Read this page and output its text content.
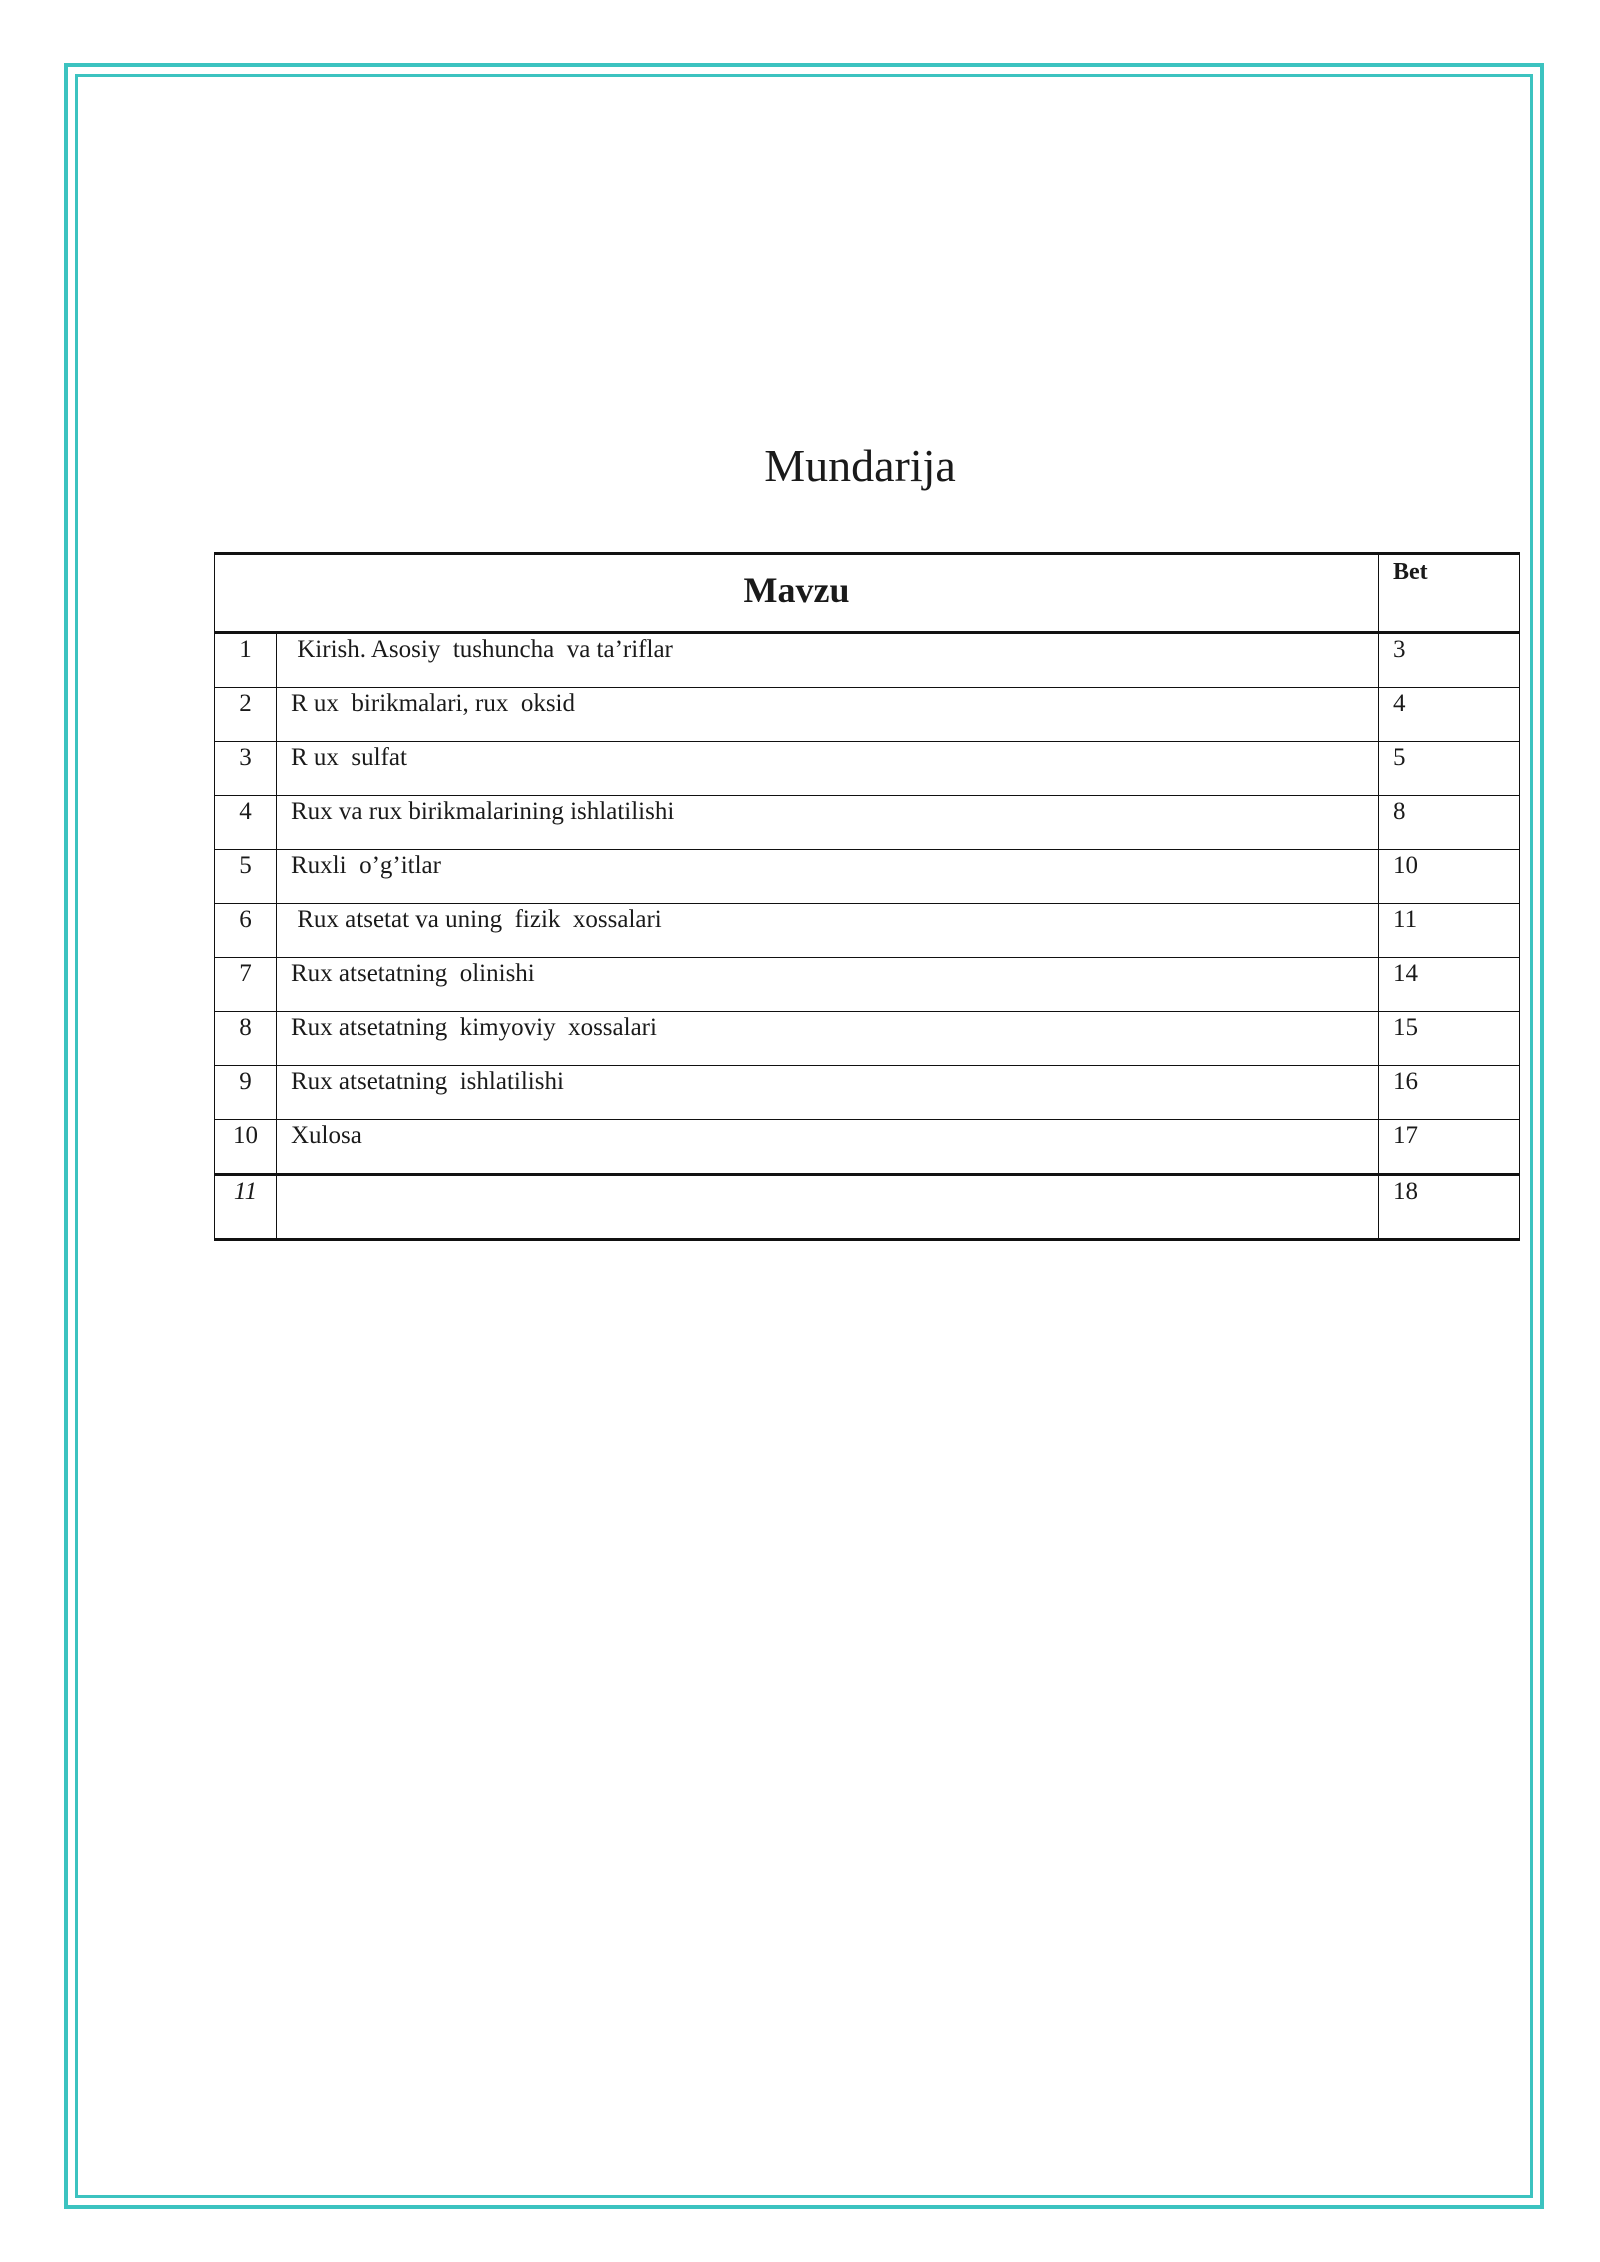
Mundarija
Mavzu		Bet
1	Kirish. Asosiy  tushuncha  va ta’riflar	3
2	R ux  birikmalari, rux  oksid	4
3	R ux  sulfat	5
4	Rux va rux birikmalarining ishlatilishi	8
5	Ruxli  o’g’itlar	10
6	Rux atsetat va uning  fizik  xossalari	11
7	Rux atsetatning  olinishi	14
8	Rux atsetatning  kimyoviy  xossalari	15
9	Rux atsetatning  ishlatilishi	16
10	Xulosa	17
11		18
